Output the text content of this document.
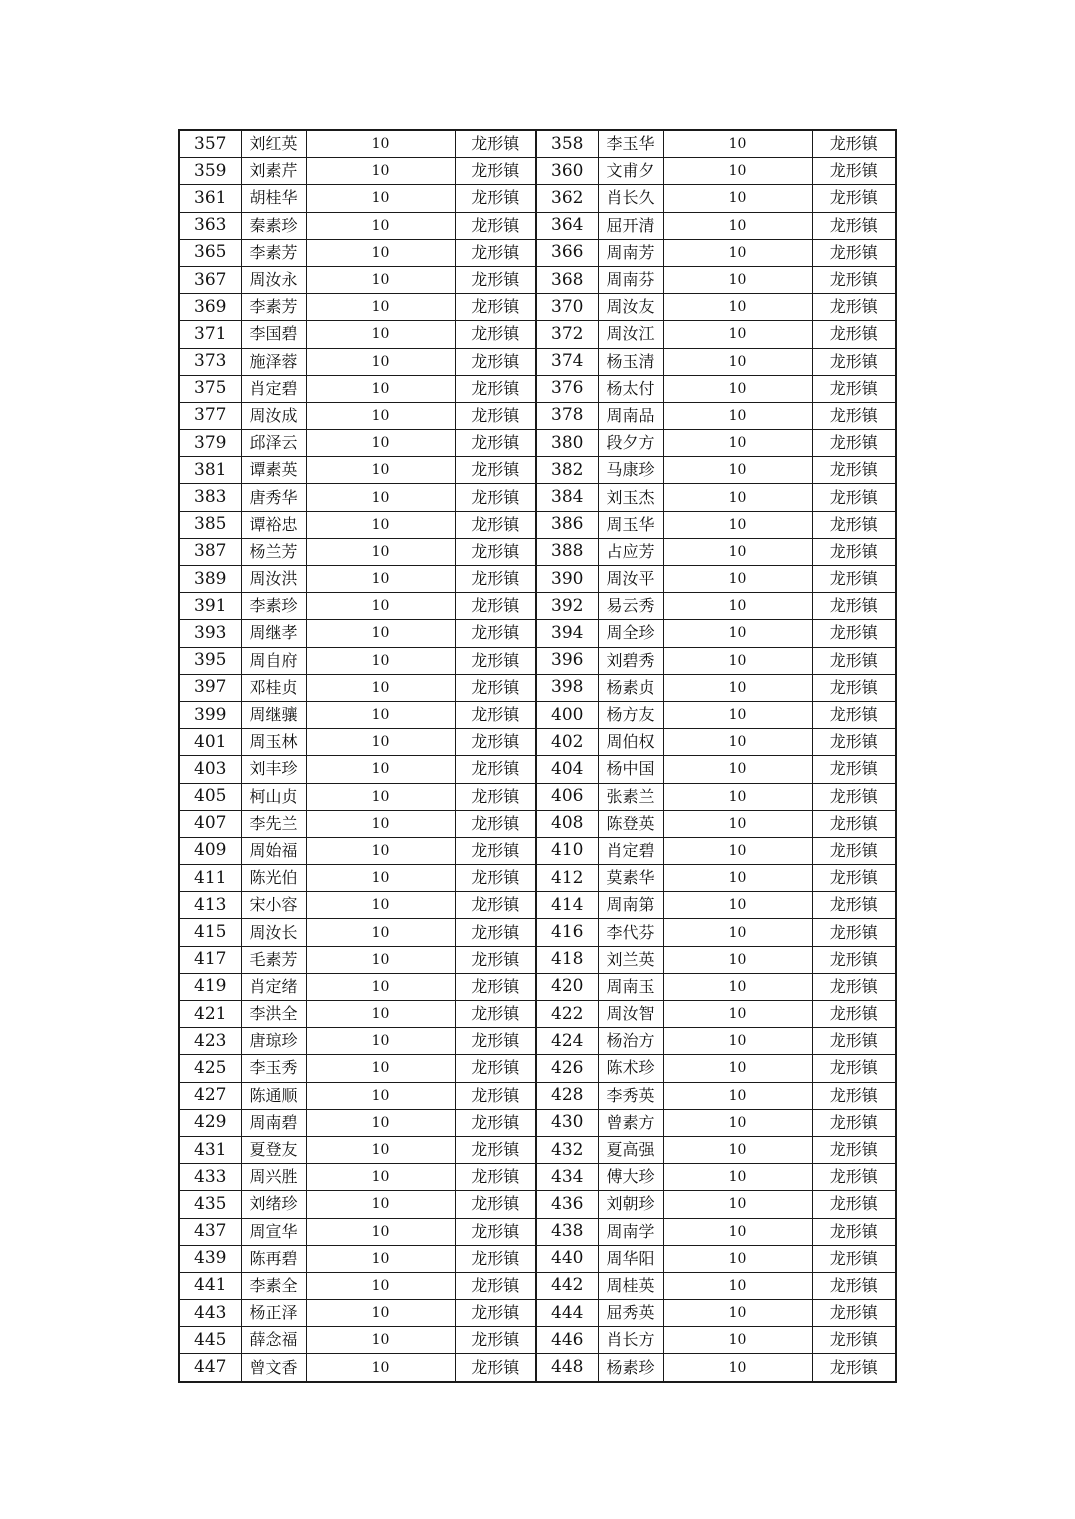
357	刘红英	10	龙形镇	358	李玉华	10	龙形镇
359	刘素芹	10	龙形镇	360	文甫夕	10	龙形镇
361	胡桂华	10	龙形镇	362	肖长久	10	龙形镇
363	秦素珍	10	龙形镇	364	屈开清	10	龙形镇
365	李素芳	10	龙形镇	366	周南芳	10	龙形镇
367	周汝永	10	龙形镇	368	周南芬	10	龙形镇
369	李素芳	10	龙形镇	370	周汝友	10	龙形镇
371	李国碧	10	龙形镇	372	周汝江	10	龙形镇
373	施泽蓉	10	龙形镇	374	杨玉清	10	龙形镇
375	肖定碧	10	龙形镇	376	杨太付	10	龙形镇
377	周汝成	10	龙形镇	378	周南品	10	龙形镇
379	邱泽云	10	龙形镇	380	段夕方	10	龙形镇
381	谭素英	10	龙形镇	382	马康珍	10	龙形镇
383	唐秀华	10	龙形镇	384	刘玉杰	10	龙形镇
385	谭裕忠	10	龙形镇	386	周玉华	10	龙形镇
387	杨兰芳	10	龙形镇	388	占应芳	10	龙形镇
389	周汝洪	10	龙形镇	390	周汝平	10	龙形镇
391	李素珍	10	龙形镇	392	易云秀	10	龙形镇
393	周继孝	10	龙形镇	394	周全珍	10	龙形镇
395	周自府	10	龙形镇	396	刘碧秀	10	龙形镇
397	邓桂贞	10	龙形镇	398	杨素贞	10	龙形镇
399	周继骧	10	龙形镇	400	杨方友	10	龙形镇
401	周玉林	10	龙形镇	402	周伯权	10	龙形镇
403	刘丰珍	10	龙形镇	404	杨中国	10	龙形镇
405	柯山贞	10	龙形镇	406	张素兰	10	龙形镇
407	李先兰	10	龙形镇	408	陈登英	10	龙形镇
409	周始福	10	龙形镇	410	肖定碧	10	龙形镇
411	陈光伯	10	龙形镇	412	莫素华	10	龙形镇
413	宋小容	10	龙形镇	414	周南第	10	龙形镇
415	周汝长	10	龙形镇	416	李代芬	10	龙形镇
417	毛素芳	10	龙形镇	418	刘兰英	10	龙形镇
419	肖定绪	10	龙形镇	420	周南玉	10	龙形镇
421	李洪全	10	龙形镇	422	周汝智	10	龙形镇
423	唐琼珍	10	龙形镇	424	杨治方	10	龙形镇
425	李玉秀	10	龙形镇	426	陈术珍	10	龙形镇
427	陈通顺	10	龙形镇	428	李秀英	10	龙形镇
429	周南碧	10	龙形镇	430	曾素方	10	龙形镇
431	夏登友	10	龙形镇	432	夏高强	10	龙形镇
433	周兴胜	10	龙形镇	434	傅大珍	10	龙形镇
435	刘绪珍	10	龙形镇	436	刘朝珍	10	龙形镇
437	周宣华	10	龙形镇	438	周南学	10	龙形镇
439	陈再碧	10	龙形镇	440	周华阳	10	龙形镇
441	李素全	10	龙形镇	442	周桂英	10	龙形镇
443	杨正泽	10	龙形镇	444	屈秀英	10	龙形镇
445	薛念福	10	龙形镇	446	肖长方	10	龙形镇
447	曾文香	10	龙形镇	448	杨素珍	10	龙形镇
